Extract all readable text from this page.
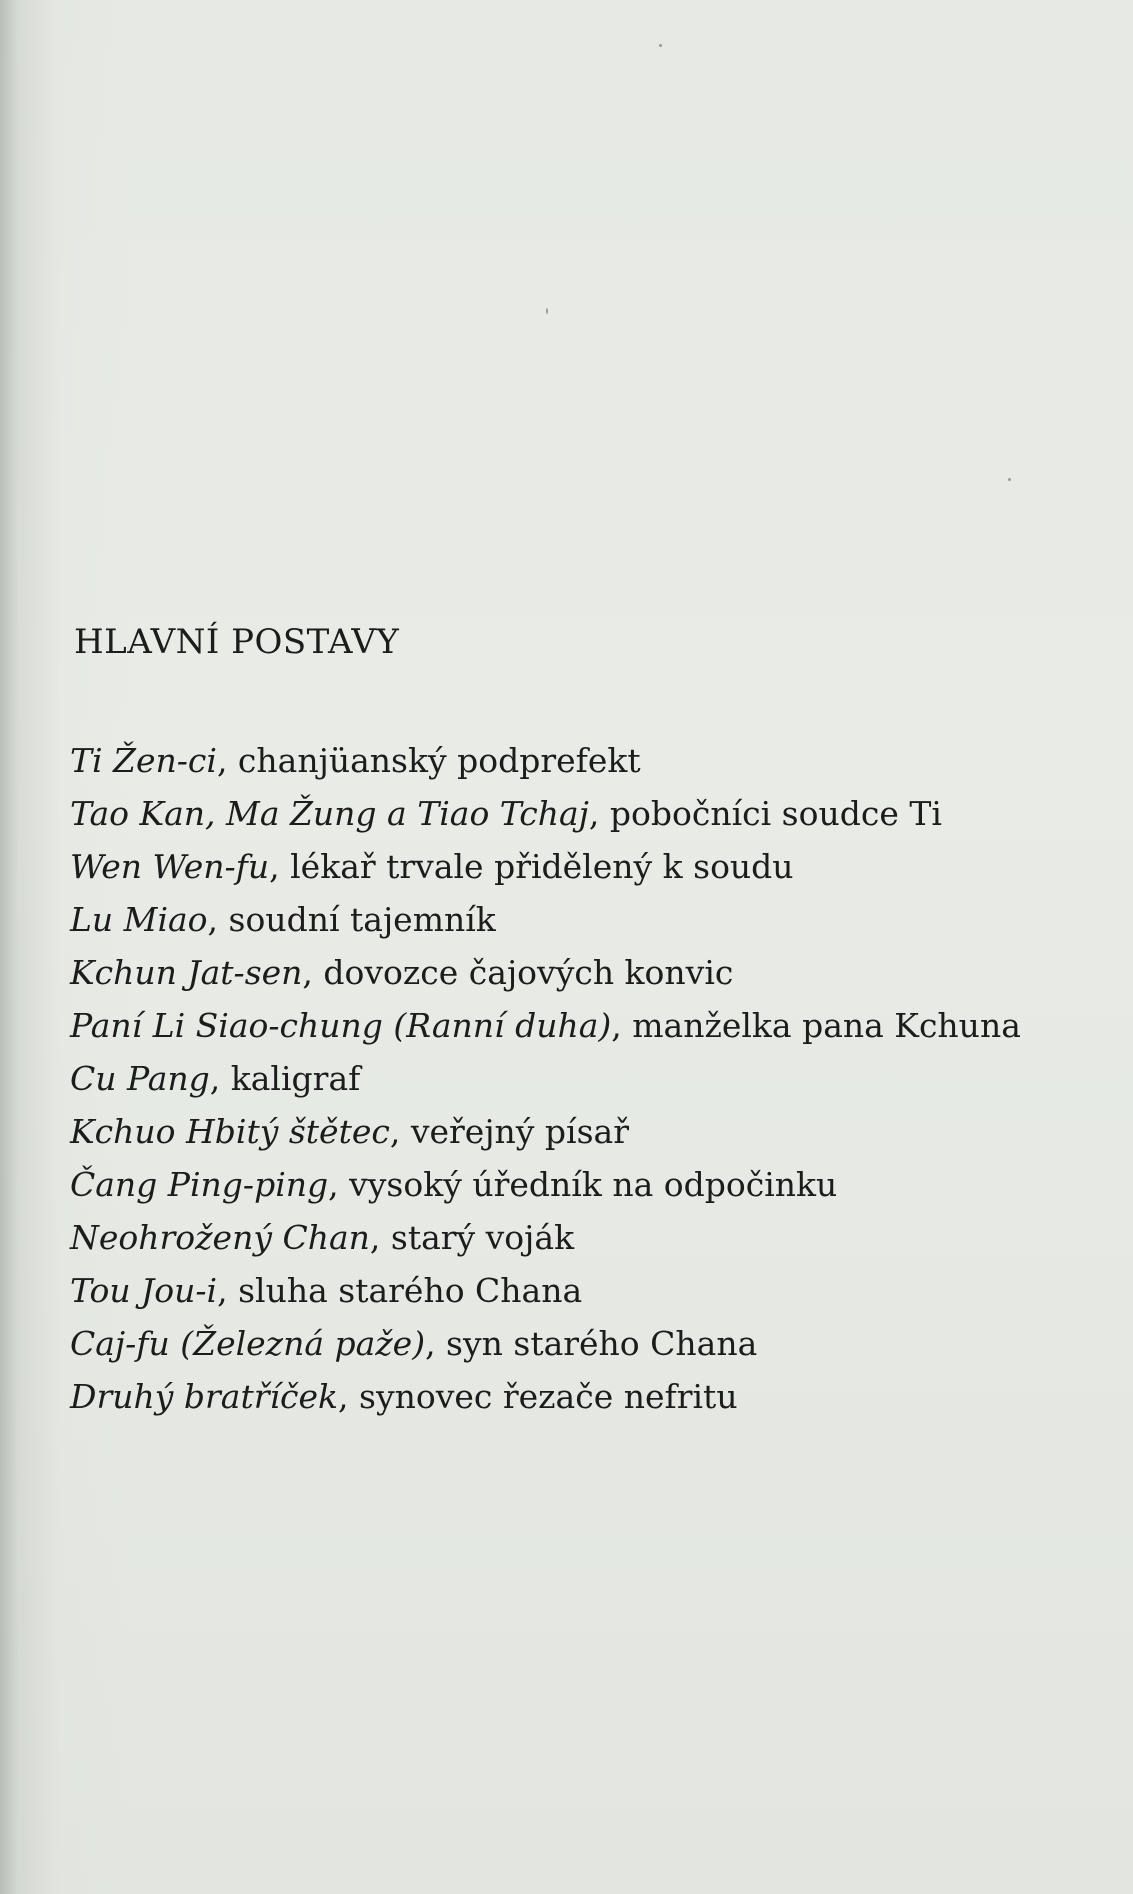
HLAVNÍ POSTAVY
Ti Žen-ci, chanjüanský podprefekt
Tao Kan, Ma Žung a Tiao Tchaj, pobočníci soudce Ti
Wen Wen-fu, lékař trvale přidělený k soudu
Lu Miao, soudní tajemník
Kchun Jat-sen, dovozce čajových konvic
Paní Li Siao-chung (Ranní duha), manželka pana Kchuna
Cu Pang, kaligraf
Kchuo Hbitý štětec, veřejný písař
Čang Ping-ping, vysoký úředník na odpočinku
Neohrožený Chan, starý voják
Tou Jou-i, sluha starého Chana
Caj-fu (Železná paže), syn starého Chana
Druhý bratříček, synovec řezače nefritu
